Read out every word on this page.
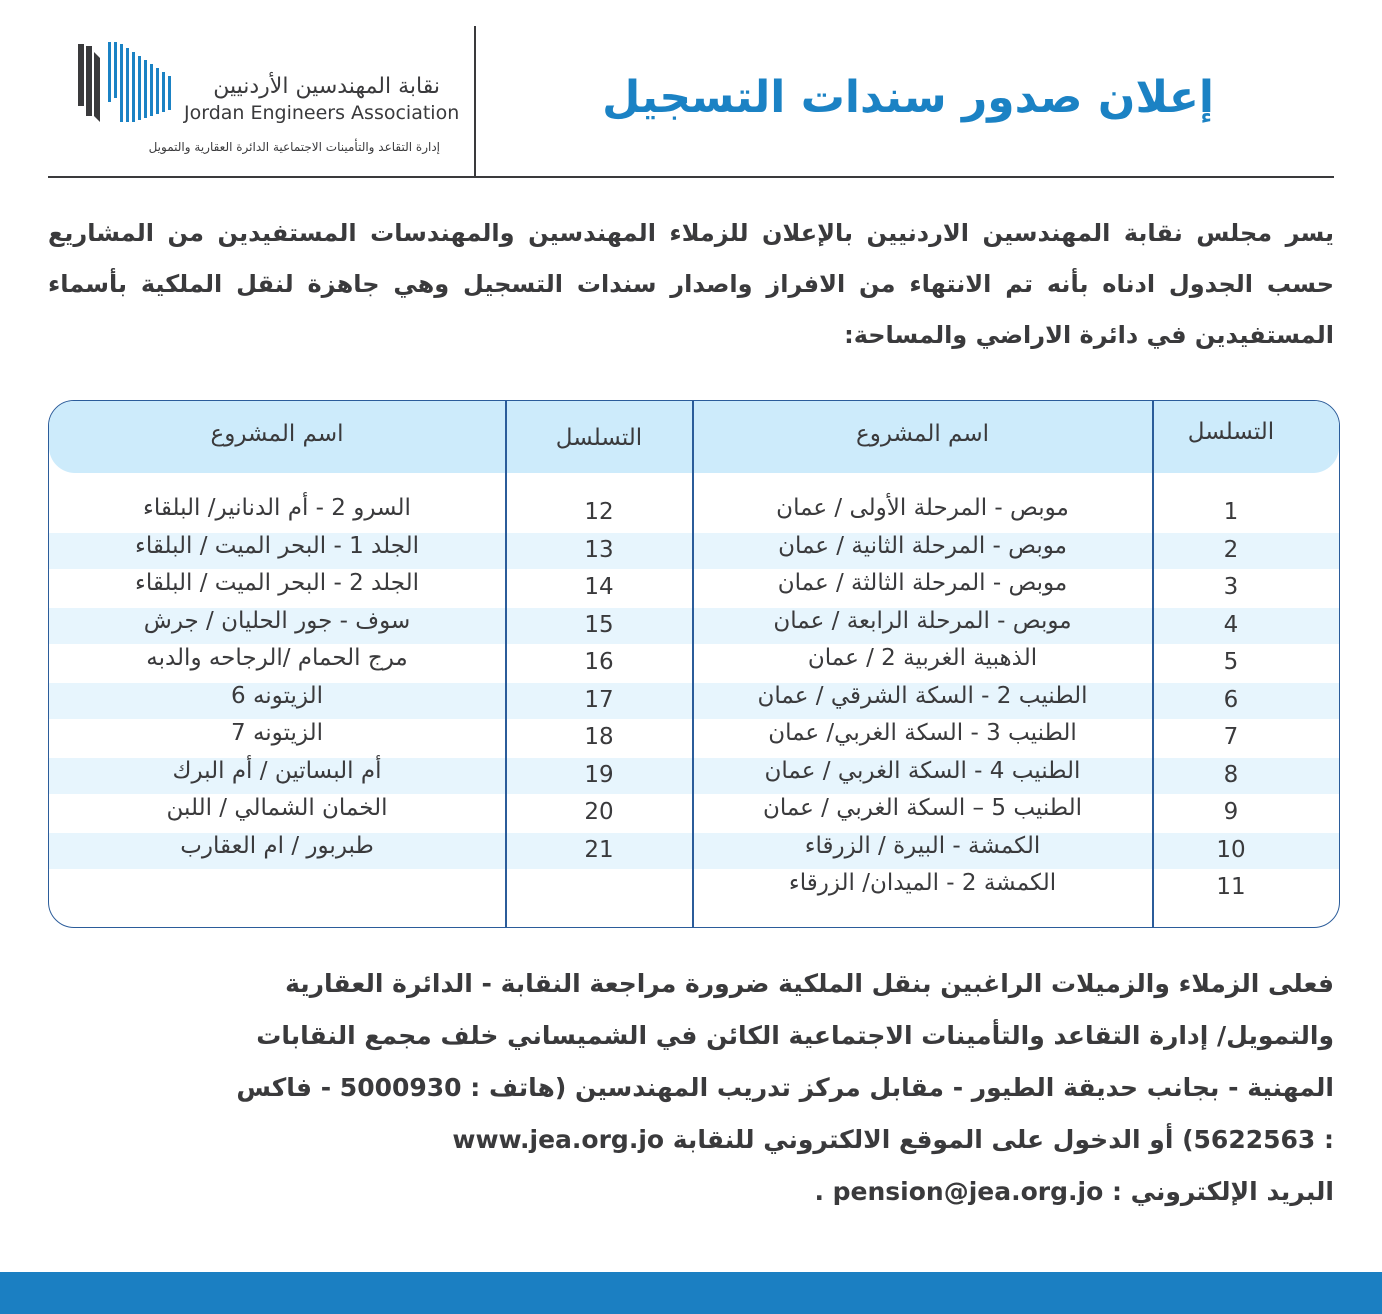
إعلان صدور سندات التسجيل
نقابة المهندسين الأردنيين
Jordan Engineers Association
إدارة التقاعد والتأمينات الاجتماعية الدائرة العقارية والتمويل
يسر مجلس نقابة المهندسين الاردنيين بالإعلان للزملاء المهندسين والمهندسات المستفيدين من المشاريع حسب الجدول ادناه بأنه تم الانتهاء من الافراز واصدار سندات التسجيل وهي جاهزة لنقل الملكية بأسماء المستفيدين في دائرة الاراضي والمساحة:
التسلسل
اسم المشروع
التسلسل
اسم المشروع
1
موبص - المرحلة الأولى / عمان
2
موبص - المرحلة الثانية / عمان
3
موبص - المرحلة الثالثة / عمان
4
موبص - المرحلة الرابعة / عمان
5
الذهبية الغربية 2 / عمان
6
الطنيب 2 - السكة الشرقي / عمان
7
الطنيب 3 - السكة الغربي/ عمان
8
الطنيب 4 - السكة الغربي / عمان
9
الطنيب 5 – السكة الغربي / عمان
10
الكمشة - البيرة / الزرقاء
11
الكمشة 2 - الميدان/ الزرقاء
12
السرو 2 - أم الدنانير/ البلقاء
13
الجلد 1 - البحر الميت / البلقاء
14
الجلد 2 - البحر الميت / البلقاء
15
سوف - جور الحليان / جرش
16
مرج الحمام /الرجاحه والدبه
17
الزيتونه 6
18
الزيتونه 7
19
أم البساتين / أم البرك
20
الخمان الشمالي / اللبن
21
طبربور / ام العقارب
فعلى الزملاء والزميلات الراغبين بنقل الملكية ضرورة مراجعة النقابة - الدائرة العقارية
والتمويل/ إدارة التقاعد والتأمينات الاجتماعية الكائن في الشميساني خلف مجمع النقابات
المهنية - بجانب حديقة الطيور - مقابل مركز تدريب المهندسين (هاتف : 5000930 - فاكس
: 5622563) أو الدخول على الموقع الالكتروني للنقابة www.jea.org.jo
البريد الإلكتروني : pension@jea.org.jo .
